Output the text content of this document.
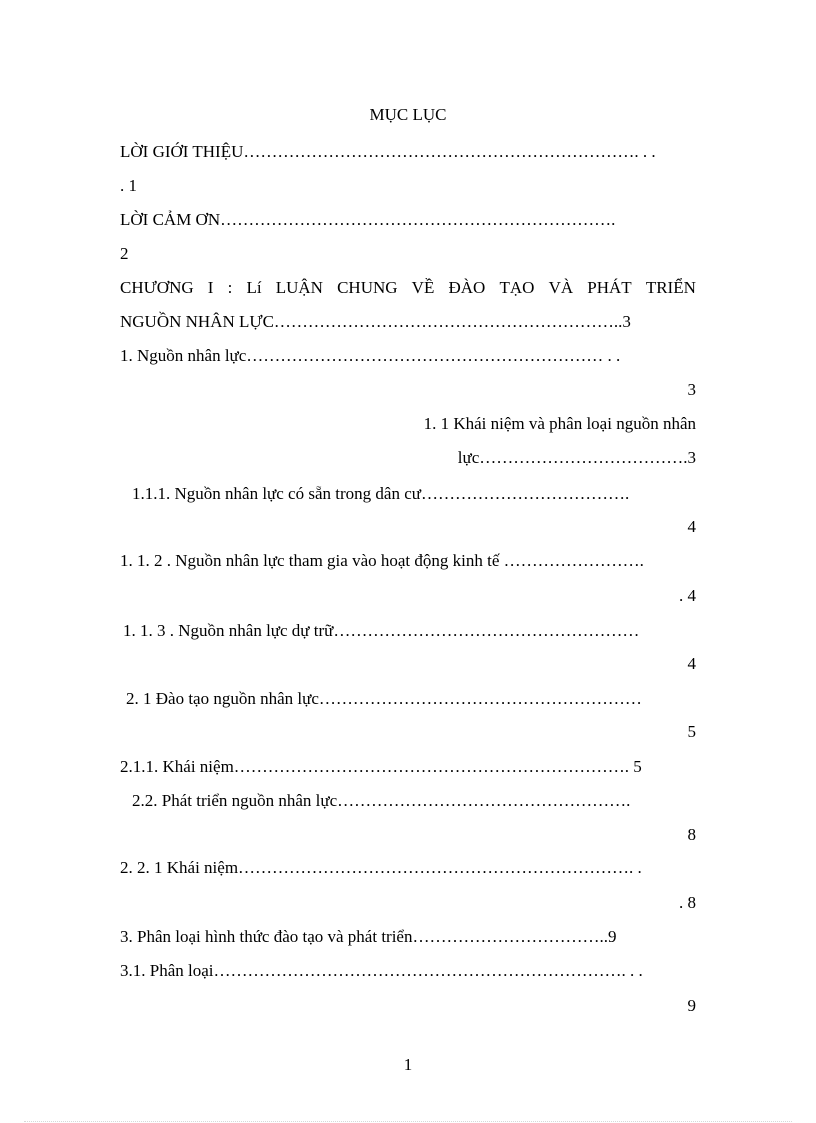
MỤC LỤC
LỜI GIỚI THIỆU……………………………………………………………. . .
. 1
LỜI CẢM ƠN…………………………………………………………….
2
CHƯƠNG I : Lí LUẬN CHUNG VỀ ĐÀO TẠO VÀ PHÁT TRIỂN
NGUỒN NHÂN LỰC……………………………………………………..3
1. Nguồn nhân lực……………………………………………………… . .
3
1. 1 Khái niệm và phân loại nguồn nhân
lực……………………………….3
1.1.1. Nguồn nhân lực có sẵn trong dân cư……………………………….
4
1. 1. 2 . Nguồn nhân lực tham gia vào hoạt động kinh tế …………………….
. 4
1. 1. 3 . Nguồn nhân lực dự trữ………………………………………………
4
2. 1 Đào tạo nguồn nhân lực…………………………………………………
5
2.1.1. Khái niệm……………………………………………………………. 5
2.2. Phát triển nguồn nhân lực…………………………………………….
8
2. 2. 1 Khái niệm……………………………………………………………. .
. 8
3. Phân loại hình thức đào tạo và phát triển……………………………..9
3.1. Phân loại………………………………………………………………. . .
9
1
